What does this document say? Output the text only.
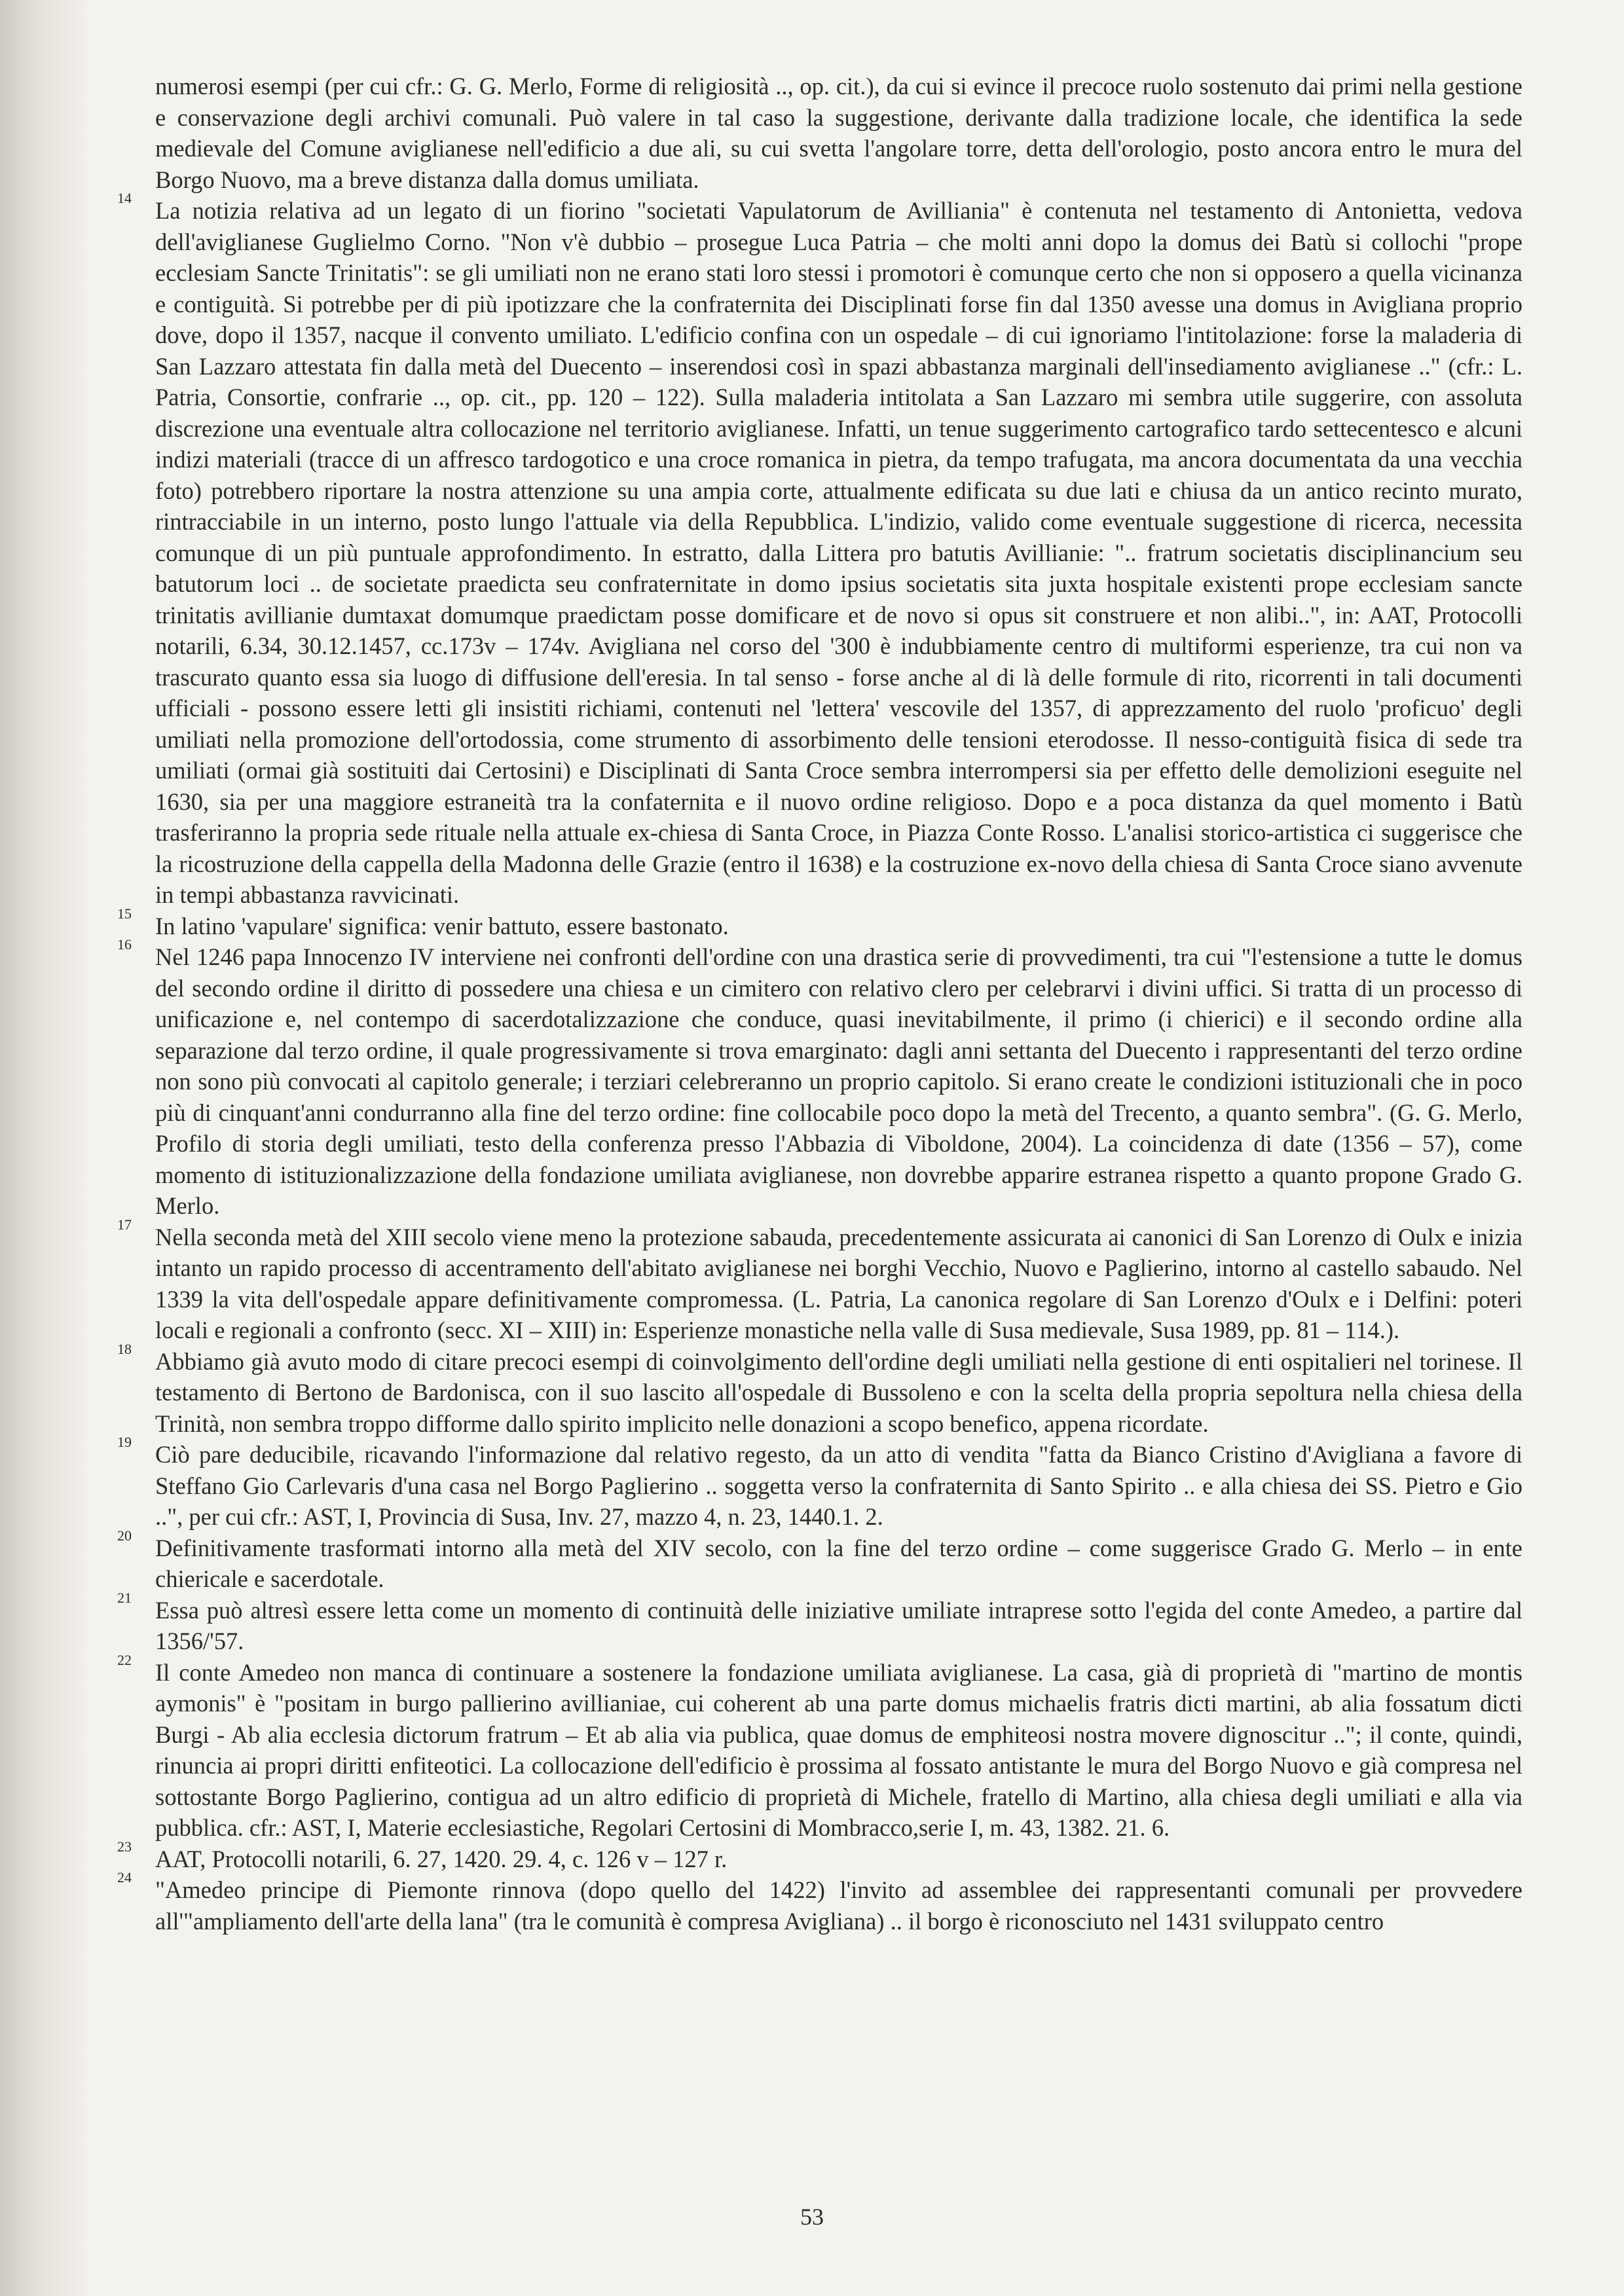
numerosi esempi (per cui cfr.: G. G. Merlo, Forme di religiosità .., op. cit.), da cui si evince il precoce ruolo sostenuto dai primi nella gestione e conservazione degli archivi comunali. Può valere in tal caso la suggestione, derivante dalla tradizione locale, che identifica la sede medievale del Comune aviglianese nell'edificio a due ali, su cui svetta l'angolare torre, detta dell'orologio, posto ancora entro le mura del Borgo Nuovo, ma a breve distanza dalla domus umiliata.

14 La notizia relativa ad un legato di un fiorino "societati Vapulatorum de Avilliania" è contenuta nel testamento di Antonietta, vedova dell'aviglianese Guglielmo Corno. "Non v'è dubbio – prosegue Luca Patria – che molti anni dopo la domus dei Batù si collochi "prope ecclesiam Sancte Trinitatis": se gli umiliati non ne erano stati loro stessi i promotori è comunque certo che non si opposero a quella vicinanza e contiguità. Si potrebbe per di più ipotizzare che la confraternita dei Disciplinati forse fin dal 1350 avesse una domus in Avigliana proprio dove, dopo il 1357, nacque il convento umiliato. L'edificio confina con un ospedale – di cui ignoriamo l'intitolazione: forse la maladeria di San Lazzaro attestata fin dalla metà del Duecento – inserendosi così in spazi abbastanza marginali dell'insediamento aviglianese .." (cfr.: L. Patria, Consortie, confrarie .., op. cit., pp. 120 – 122). Sulla maladeria intitolata a San Lazzaro mi sembra utile suggerire, con assoluta discrezione una eventuale altra collocazione nel territorio aviglianese. Infatti, un tenue suggerimento cartografico tardo settecentesco e alcuni indizi materiali (tracce di un affresco tardogotico e una croce romanica in pietra, da tempo trafugata, ma ancora documentata da una vecchia foto) potrebbero riportare la nostra attenzione su una ampia corte, attualmente edificata su due lati e chiusa da un antico recinto murato, rintracciabile in un interno, posto lungo l'attuale via della Repubblica. L'indizio, valido come eventuale suggestione di ricerca, necessita comunque di un più puntuale approfondimento. In estratto, dalla Littera pro batutis Avillianie: ".. fratrum societatis disciplinancium seu batutorum loci .. de societate praedicta seu confraternitate in domo ipsius societatis sita juxta hospitale existenti prope ecclesiam sancte trinitatis avillianie dumtaxat domumque praedictam posse domificare et de novo si opus sit construere et non alibi..", in: AAT, Protocolli notarili, 6.34, 30.12.1457, cc.173v – 174v. Avigliana nel corso del '300 è indubbiamente centro di multiformi esperienze, tra cui non va trascurato quanto essa sia luogo di diffusione dell'eresia. In tal senso - forse anche al di là delle formule di rito, ricorrenti in tali documenti ufficiali - possono essere letti gli insistiti richiami, contenuti nel 'lettera' vescovile del 1357, di apprezzamento del ruolo 'proficuo' degli umiliati nella promozione dell'ortodossia, come strumento di assorbimento delle tensioni eterodosse. Il nesso-contiguità fisica di sede tra umiliati (ormai già sostituiti dai Certosini) e Disciplinati di Santa Croce sembra interrompersi sia per effetto delle demolizioni eseguite nel 1630, sia per una maggiore estraneità tra la confaternita e il nuovo ordine religioso. Dopo e a poca distanza da quel momento i Batù trasferiranno la propria sede rituale nella attuale ex-chiesa di Santa Croce, in Piazza Conte Rosso. L'analisi storico-artistica ci suggerisce che la ricostruzione della cappella della Madonna delle Grazie (entro il 1638) e la costruzione ex-novo della chiesa di Santa Croce siano avvenute in tempi abbastanza ravvicinati.

15 In latino 'vapulare' significa: venir battuto, essere bastonato.

16 Nel 1246 papa Innocenzo IV interviene nei confronti dell'ordine con una drastica serie di provvedimenti, tra cui "l'estensione a tutte le domus del secondo ordine il diritto di possedere una chiesa e un cimitero con relativo clero per celebrarvi i divini uffici. Si tratta di un processo di unificazione e, nel contempo di sacerdotalizzazione che conduce, quasi inevitabilmente, il primo (i chierici) e il secondo ordine alla separazione dal terzo ordine, il quale progressivamente si trova emarginato: dagli anni settanta del Duecento i rappresentanti del terzo ordine non sono più convocati al capitolo generale; i terziari celebreranno un proprio capitolo. Si erano create le condizioni istituzionali che in poco più di cinquant'anni condurranno alla fine del terzo ordine: fine collocabile poco dopo la metà del Trecento, a quanto sembra". (G. G. Merlo, Profilo di storia degli umiliati, testo della conferenza presso l'Abbazia di Viboldone, 2004). La coincidenza di date (1356 – 57), come momento di istituzionalizzazione della fondazione umiliata aviglianese, non dovrebbe apparire estranea rispetto a quanto propone Grado G. Merlo.

17 Nella seconda metà del XIII secolo viene meno la protezione sabauda, precedentemente assicurata ai canonici di San Lorenzo di Oulx e inizia intanto un rapido processo di accentramento dell'abitato aviglianese nei borghi Vecchio, Nuovo e Paglierino, intorno al castello sabaudo. Nel 1339 la vita dell'ospedale appare definitivamente compromessa. (L. Patria, La canonica regolare di San Lorenzo d'Oulx e i Delfini: poteri locali e regionali a confronto (secc. XI – XIII) in: Esperienze monastiche nella valle di Susa medievale, Susa 1989, pp. 81 – 114.).

18 Abbiamo già avuto modo di citare precoci esempi di coinvolgimento dell'ordine degli umiliati nella gestione di enti ospitalieri nel torinese. Il testamento di Bertono de Bardonisca, con il suo lascito all'ospedale di Bussoleno e con la scelta della propria sepoltura nella chiesa della Trinità, non sembra troppo difforme dallo spirito implicito nelle donazioni a scopo benefico, appena ricordate.

19 Ciò pare deducibile, ricavando l'informazione dal relativo regesto, da un atto di vendita "fatta da Bianco Cristino d'Avigliana a favore di Steffano Gio Carlevaris d'una casa nel Borgo Paglierino .. soggetta verso la confraternita di Santo Spirito .. e alla chiesa dei SS. Pietro e Gio ..", per cui cfr.: AST, I, Provincia di Susa, Inv. 27, mazzo 4, n. 23, 1440.1. 2.

20 Definitivamente trasformati intorno alla metà del XIV secolo, con la fine del terzo ordine – come suggerisce Grado G. Merlo – in ente chiericale e sacerdotale.

21 Essa può altresì essere letta come un momento di continuità delle iniziative umiliate intraprese sotto l'egida del conte Amedeo, a partire dal 1356/'57.

22 Il conte Amedeo non manca di continuare a sostenere la fondazione umiliata aviglianese. La casa, già di proprietà di "martino de montis aymonis" è "positam in burgo pallierino avillianiae, cui coherent ab una parte domus michaelis fratris dicti martini, ab alia fossatum dicti Burgi - Ab alia ecclesia dictorum fratrum – Et ab alia via publica, quae domus de emphiteosi nostra movere dignoscitur .."; il conte, quindi, rinuncia ai propri diritti enfiteotici. La collocazione dell'edificio è prossima al fossato antistante le mura del Borgo Nuovo e già compresa nel sottostante Borgo Paglierino, contigua ad un altro edificio di proprietà di Michele, fratello di Martino, alla chiesa degli umiliati e alla via pubblica. cfr.: AST, I, Materie ecclesiastiche, Regolari Certosini di Mombracco,serie I, m. 43, 1382. 21. 6.

23 AAT, Protocolli notarili, 6. 27, 1420. 29. 4, c. 126 v – 127 r.

24 "Amedeo principe di Piemonte rinnova (dopo quello del 1422) l'invito ad assemblee dei rappresentanti comunali per provvedere all'"ampliamento dell'arte della lana" (tra le comunità è compresa Avigliana) .. il borgo è riconosciuto nel 1431 sviluppato centro

53
